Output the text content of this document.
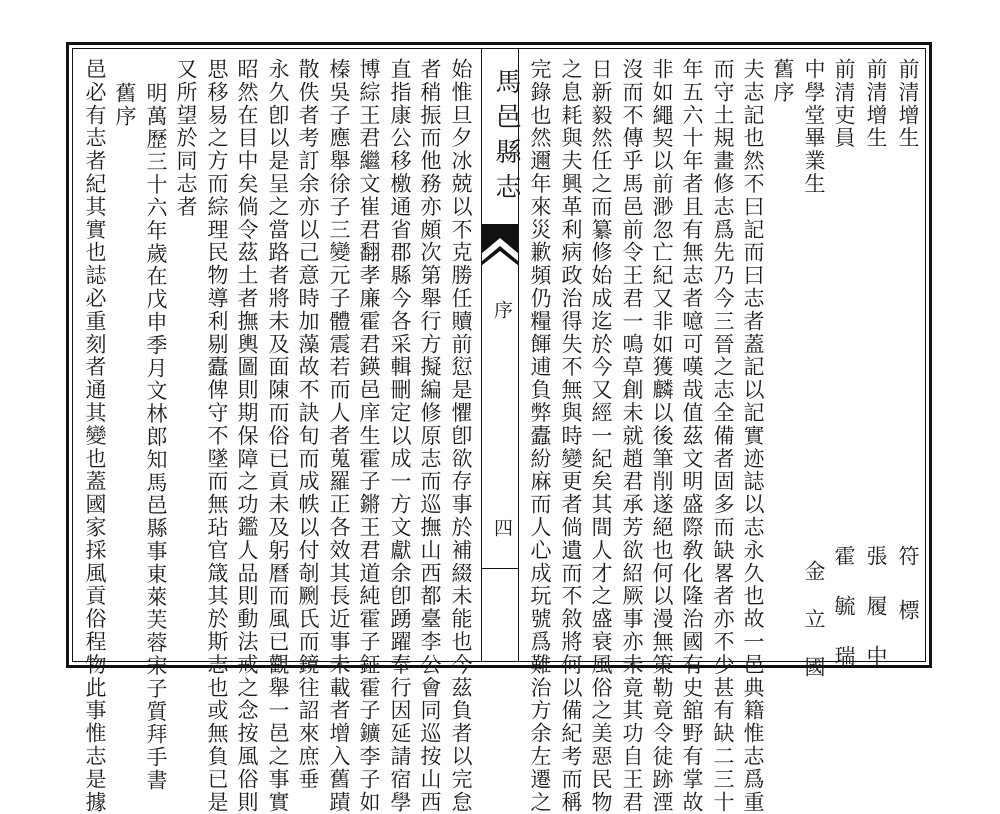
前清增生
前清增生
前清吏員
中學堂畢業生
舊序
夫志記也然不曰記而曰志者蓋記以記實迹誌以志永久也故一邑典籍惟志爲重
而守土規畫修志爲先乃今三晉之志全備者固多而缺畧者亦不少甚有缺二三十
年五六十年者且有無志者噫可嘆哉值茲文明盛際敎化隆治國有史舘野有掌故
非如繩契以前渺忽亡紀又非如獲麟以後筆削遂絕也何以漫無策勒竟令徒跡湮
沒而不傳乎馬邑前令王君一鳴草創未就趙君承芳欲紹厥事亦未竟其功自王君
日新毅然任之而纂修始成迄於今又經一紀矣其間人才之盛衰風俗之美惡民物
之息耗與夫興革利病政治得失不無與時變更者倘遺而不敘將何以備紀考而稱
完錄也然邇年來災歉頻仍糧餫逋負弊蠹紛麻而人心成玩號爲難治方余左遷之	符　標
張　履　中
霍　毓　瑞
金　立　國
馬邑縣志
序
四
始惟旦夕冰兢以不克勝任贖前愆是懼卽欲存事於補綴未能也今茲負者以完怠
者稍振而他務亦頗次第舉行方擬編修原志而巡撫山西都臺李公會同巡按山西
直指康公移檄通省郡縣今各采輯刪定以成一方文獻余卽踴躍奉行因延請宿學
博綜王君繼文崔君翻孝廉霍君鍈邑庠生霍子鏘王君道純霍子鉦霍子鑛李子如
榛吳子應舉徐子三變元子體震若而人者蒐羅正各效其長近事未載者增入舊蹟
散佚者考訂余亦以己意時加藻故不訣旬而成帙以付剞劂氏而鏡往詔來庶垂
永久卽以是呈之當路者將未及面陳而俗已貢未及躬曆而風已觀舉一邑之事實
昭然在目中矣倘令茲土者撫輿圖則期保障之功鑑人品則動法戒之念按風俗則
思移易之方而綜理民物導利剔蠹俾守不墜而無玷官箴其於斯志也或無負已是
又所望於同志者
明萬歷三十六年歲在戊申季月文林郎知馬邑縣事東萊芙蓉宋子質拜手書
舊序
邑必有志者紀其實也誌必重刻者通其變也蓋國家採風貢俗程物此事惟志是據
